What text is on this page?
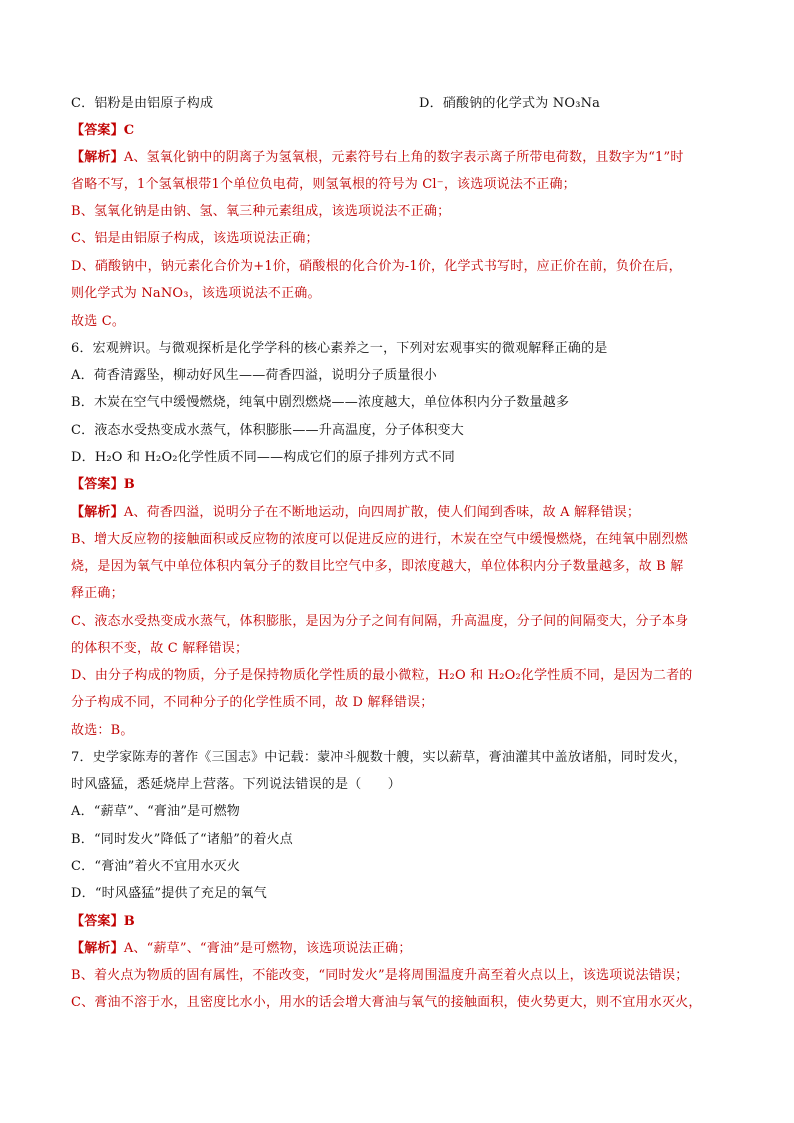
C．铝粉是由铝原子构成	D．硝酸钠的化学式为 NO₃Na
【答案】C
【解析】A、氢氧化钠中的阴离子为氢氧根，元素符号右上角的数字表示离子所带电荷数，且数字为“1”时
省略不写，1个氢氧根带1个单位负电荷，则氢氧根的符号为 Cl⁻，该选项说法不正确；
B、氢氧化钠是由钠、氢、氧三种元素组成，该选项说法不正确；
C、铝是由铝原子构成，该选项说法正确；
D、硝酸钠中，钠元素化合价为+1价，硝酸根的化合价为-1价，化学式书写时，应正价在前，负价在后，
则化学式为 NaNO₃，该选项说法不正确。
故选 C。
6．宏观辨识。与微观探析是化学学科的核心素养之一，下列对宏观事实的微观解释正确的是
A．荷香清露坠，柳动好风生——荷香四溢，说明分子质量很小
B．木炭在空气中缓慢燃烧，纯氧中剧烈燃烧——浓度越大，单位体积内分子数量越多
C．液态水受热变成水蒸气，体积膨胀——升高温度，分子体积变大
D．H₂O 和 H₂O₂化学性质不同——构成它们的原子排列方式不同
【答案】B
【解析】A、荷香四溢，说明分子在不断地运动，向四周扩散，使人们闻到香味，故 A 解释错误；
B、增大反应物的接触面积或反应物的浓度可以促进反应的进行，木炭在空气中缓慢燃烧，在纯氧中剧烈燃
烧，是因为氧气中单位体积内氧分子的数目比空气中多，即浓度越大，单位体积内分子数量越多，故 B 解
释正确；
C、液态水受热变成水蒸气，体积膨胀，是因为分子之间有间隔，升高温度，分子间的间隔变大，分子本身
的体积不变，故 C 解释错误；
D、由分子构成的物质，分子是保持物质化学性质的最小微粒，H₂O 和 H₂O₂化学性质不同，是因为二者的
分子构成不同，不同种分子的化学性质不同，故 D 解释错误；
故选：B。
7．史学家陈寿的著作《三国志》中记载：蒙冲斗舰数十艘，实以薪草，膏油灌其中盖放诸船，同时发火，
时风盛猛，悉延烧岸上营落。下列说法错误的是（　　）
A．“薪草”、“膏油”是可燃物
B．“同时发火”降低了“诸船”的着火点
C．“膏油”着火不宜用水灭火
D．“时风盛猛”提供了充足的氧气
【答案】B
【解析】A、“薪草”、“膏油”是可燃物，该选项说法正确；
B、着火点为物质的固有属性，不能改变，“同时发火”是将周围温度升高至着火点以上，该选项说法错误；
C、膏油不溶于水，且密度比水小，用水的话会增大膏油与氧气的接触面积，使火势更大，则不宜用水灭火，
